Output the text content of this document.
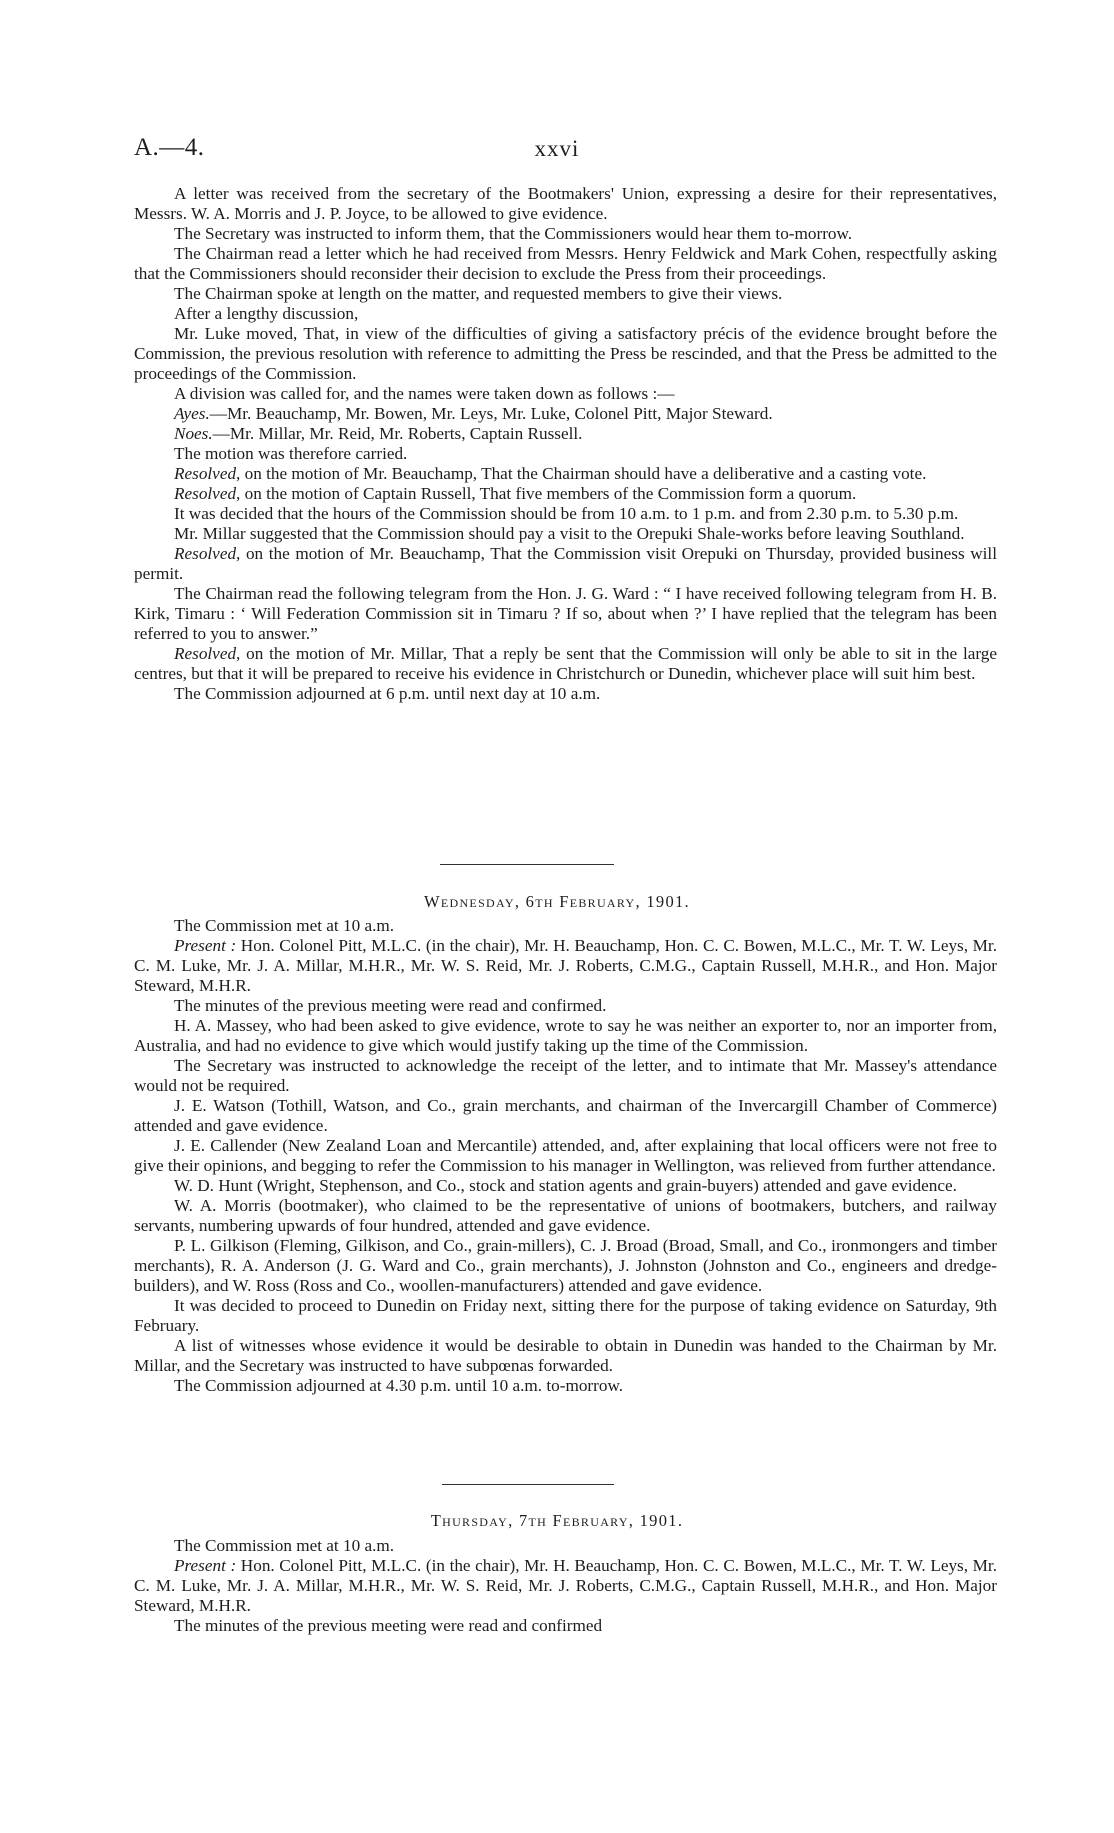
A.—4.	xxvi

A letter was received from the secretary of the Bootmakers' Union, expressing a desire for their representatives, Messrs. W. A. Morris and J. P. Joyce, to be allowed to give evidence.

The Secretary was instructed to inform them, that the Commissioners would hear them to-morrow.

The Chairman read a letter which he had received from Messrs. Henry Feldwick and Mark Cohen, respectfully asking that the Commissioners should reconsider their decision to exclude the Press from their proceedings.

The Chairman spoke at length on the matter, and requested members to give their views.

After a lengthy discussion,

Mr. Luke moved, That, in view of the difficulties of giving a satisfactory précis of the evidence brought before the Commission, the previous resolution with reference to admitting the Press be rescinded, and that the Press be admitted to the proceedings of the Commission.

A division was called for, and the names were taken down as follows :—

Ayes.—Mr. Beauchamp, Mr. Bowen, Mr. Leys, Mr. Luke, Colonel Pitt, Major Steward.

Noes.—Mr. Millar, Mr. Reid, Mr. Roberts, Captain Russell.

The motion was therefore carried.

Resolved, on the motion of Mr. Beauchamp, That the Chairman should have a deliberative and a casting vote.

Resolved, on the motion of Captain Russell, That five members of the Commission form a quorum.

It was decided that the hours of the Commission should be from 10 a.m. to 1 p.m. and from 2.30 p.m. to 5.30 p.m.

Mr. Millar suggested that the Commission should pay a visit to the Orepuki Shale-works before leaving Southland.

Resolved, on the motion of Mr. Beauchamp, That the Commission visit Orepuki on Thursday, provided business will permit.

The Chairman read the following telegram from the Hon. J. G. Ward : “ I have received following telegram from H. B. Kirk, Timaru : ‘ Will Federation Commission sit in Timaru ? If so, about when ?’ I have replied that the telegram has been referred to you to answer.”

Resolved, on the motion of Mr. Millar, That a reply be sent that the Commission will only be able to sit in the large centres, but that it will be prepared to receive his evidence in Christchurch or Dunedin, whichever place will suit him best.

The Commission adjourned at 6 p.m. until next day at 10 a.m.

Wednesday, 6th February, 1901.

The Commission met at 10 a.m.

Present : Hon. Colonel Pitt, M.L.C. (in the chair), Mr. H. Beauchamp, Hon. C. C. Bowen, M.L.C., Mr. T. W. Leys, Mr. C. M. Luke, Mr. J. A. Millar, M.H.R., Mr. W. S. Reid, Mr. J. Roberts, C.M.G., Captain Russell, M.H.R., and Hon. Major Steward, M.H.R.

The minutes of the previous meeting were read and confirmed.

H. A. Massey, who had been asked to give evidence, wrote to say he was neither an exporter to, nor an importer from, Australia, and had no evidence to give which would justify taking up the time of the Commission.

The Secretary was instructed to acknowledge the receipt of the letter, and to intimate that Mr. Massey's attendance would not be required.

J. E. Watson (Tothill, Watson, and Co., grain merchants, and chairman of the Invercargill Chamber of Commerce) attended and gave evidence.

J. E. Callender (New Zealand Loan and Mercantile) attended, and, after explaining that local officers were not free to give their opinions, and begging to refer the Commission to his manager in Wellington, was relieved from further attendance.

W. D. Hunt (Wright, Stephenson, and Co., stock and station agents and grain-buyers) attended and gave evidence.

W. A. Morris (bootmaker), who claimed to be the representative of unions of bootmakers, butchers, and railway servants, numbering upwards of four hundred, attended and gave evidence.

P. L. Gilkison (Fleming, Gilkison, and Co., grain-millers), C. J. Broad (Broad, Small, and Co., ironmongers and timber merchants), R. A. Anderson (J. G. Ward and Co., grain merchants), J. Johnston (Johnston and Co., engineers and dredge-builders), and W. Ross (Ross and Co., woollen-manufacturers) attended and gave evidence.

It was decided to proceed to Dunedin on Friday next, sitting there for the purpose of taking evidence on Saturday, 9th February.

A list of witnesses whose evidence it would be desirable to obtain in Dunedin was handed to the Chairman by Mr. Millar, and the Secretary was instructed to have subpœnas forwarded.

The Commission adjourned at 4.30 p.m. until 10 a.m. to-morrow.

Thursday, 7th February, 1901.

The Commission met at 10 a.m.

Present : Hon. Colonel Pitt, M.L.C. (in the chair), Mr. H. Beauchamp, Hon. C. C. Bowen, M.L.C., Mr. T. W. Leys, Mr. C. M. Luke, Mr. J. A. Millar, M.H.R., Mr. W. S. Reid, Mr. J. Roberts, C.M.G., Captain Russell, M.H.R., and Hon. Major Steward, M.H.R.

The minutes of the previous meeting were read and confirmed
